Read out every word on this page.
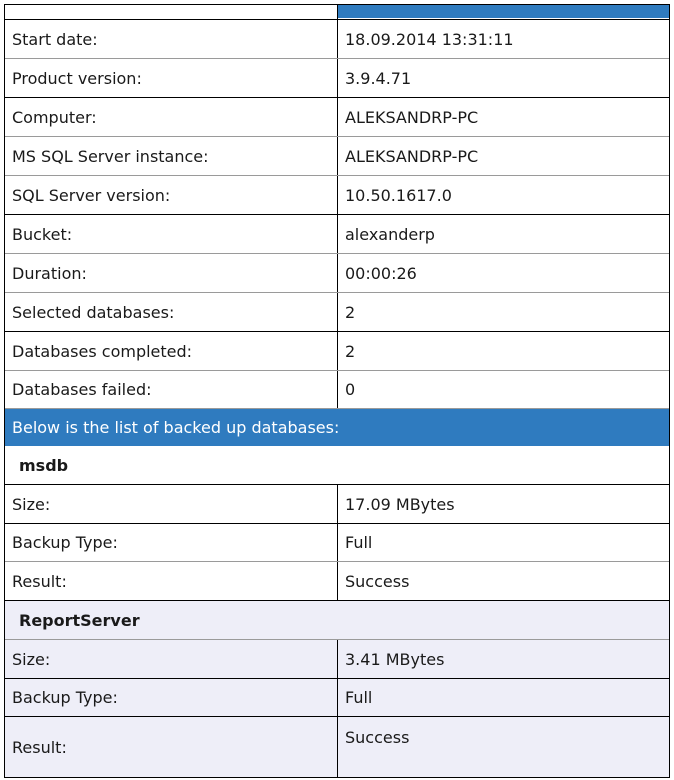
Start date:	18.09.2014 13:31:11
Product version:	3.9.4.71
Computer:	ALEKSANDRP-PC
MS SQL Server instance:	ALEKSANDRP-PC
SQL Server version:	10.50.1617.0
Bucket:	alexanderp
Duration:	00:00:26
Selected databases:	2
Databases completed:	2
Databases failed:	0
Below is the list of backed up databases:
msdb
Size:	17.09 MBytes
Backup Type:	Full
Result:	Success
ReportServer
Size:	3.41 MBytes
Backup Type:	Full
Result:	Success
